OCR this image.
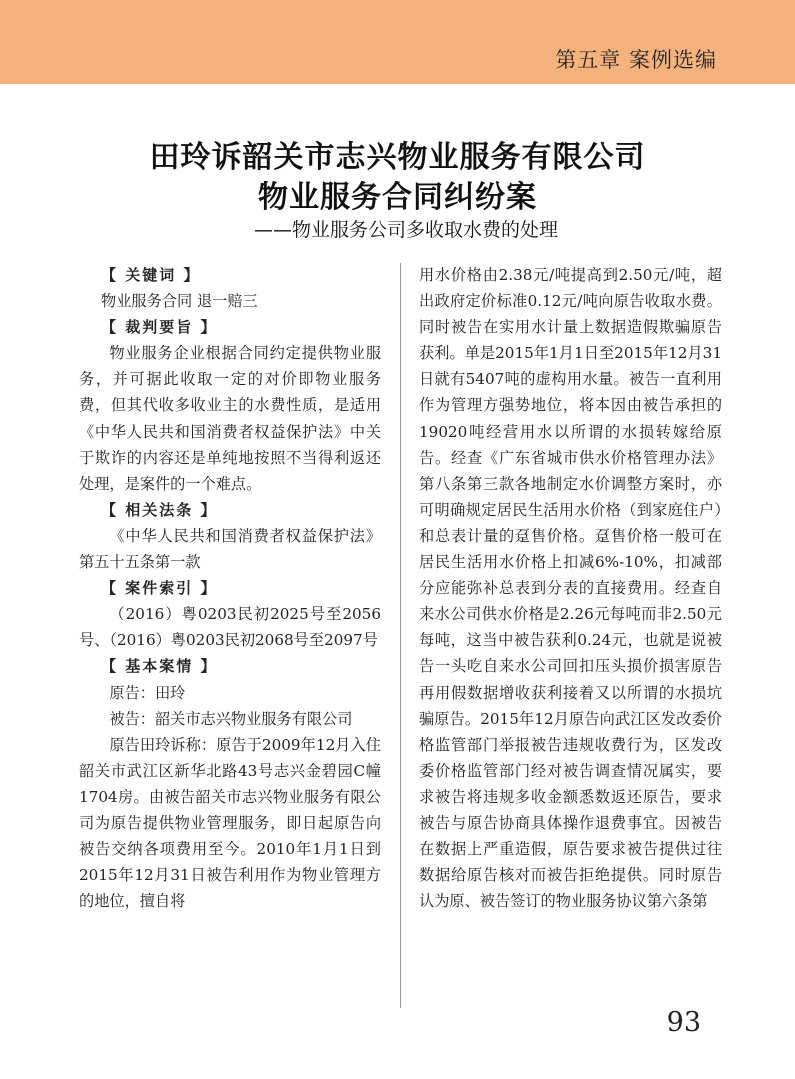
第五章 案例选编
田玲诉韶关市志兴物业服务有限公司
物业服务合同纠纷案
——物业服务公司多收取水费的处理

【 关键词 】

物业服务合同 退一赔三

【 裁判要旨 】

物业服务企业根据合同约定提供物业服务，并可据此收取一定的对价即物业服务费，但其代收多收业主的水费性质，是适用《中华人民共和国消费者权益保护法》中关于欺诈的内容还是单纯地按照不当得利返还处理，是案件的一个难点。

【 相关法条 】

《中华人民共和国消费者权益保护法》第五十五条第一款

【 案件索引 】

（2016）粤0203民初2025号至2056号、（2016）粤0203民初2068号至2097号

【 基本案情 】

原告：田玲

被告：韶关市志兴物业服务有限公司

原告田玲诉称：原告于2009年12月入住韶关市武江区新华北路43号志兴金碧园C幢1704房。由被告韶关市志兴物业服务有限公司为原告提供物业管理服务，即日起原告向被告交纳各项费用至今。2010年1月1日到2015年12月31日被告利用作为物业管理方的地位，擅自将

用水价格由2.38元/吨提高到2.50元/吨，超出政府定价标准0.12元/吨向原告收取水费。同时被告在实用水计量上数据造假欺骗原告获利。单是2015年1月1日至2015年12月31日就有5407吨的虚构用水量。被告一直利用作为管理方强势地位，将本因由被告承担的19020吨经营用水以所谓的水损转嫁给原告。经查《广东省城市供水价格管理办法》第八条第三款各地制定水价调整方案时，亦可明确规定居民生活用水价格（到家庭住户）和总表计量的趸售价格。趸售价格一般可在居民生活用水价格上扣减6%-10%，扣减部分应能弥补总表到分表的直接费用。经查自来水公司供水价格是2.26元每吨而非2.50元每吨，这当中被告获利0.24元，也就是说被告一头吃自来水公司回扣压头损价损害原告再用假数据增收获利接着又以所谓的水损坑骗原告。2015年12月原告向武江区发改委价格监管部门举报被告违规收费行为，区发改委价格监管部门经对被告调查情况属实，要求被告将违规多收金额悉数返还原告，要求被告与原告协商具体操作退费事宜。因被告在数据上严重造假，原告要求被告提供过往数据给原告核对而被告拒绝提供。同时原告认为原、被告签订的物业服务协议第六条第

93
